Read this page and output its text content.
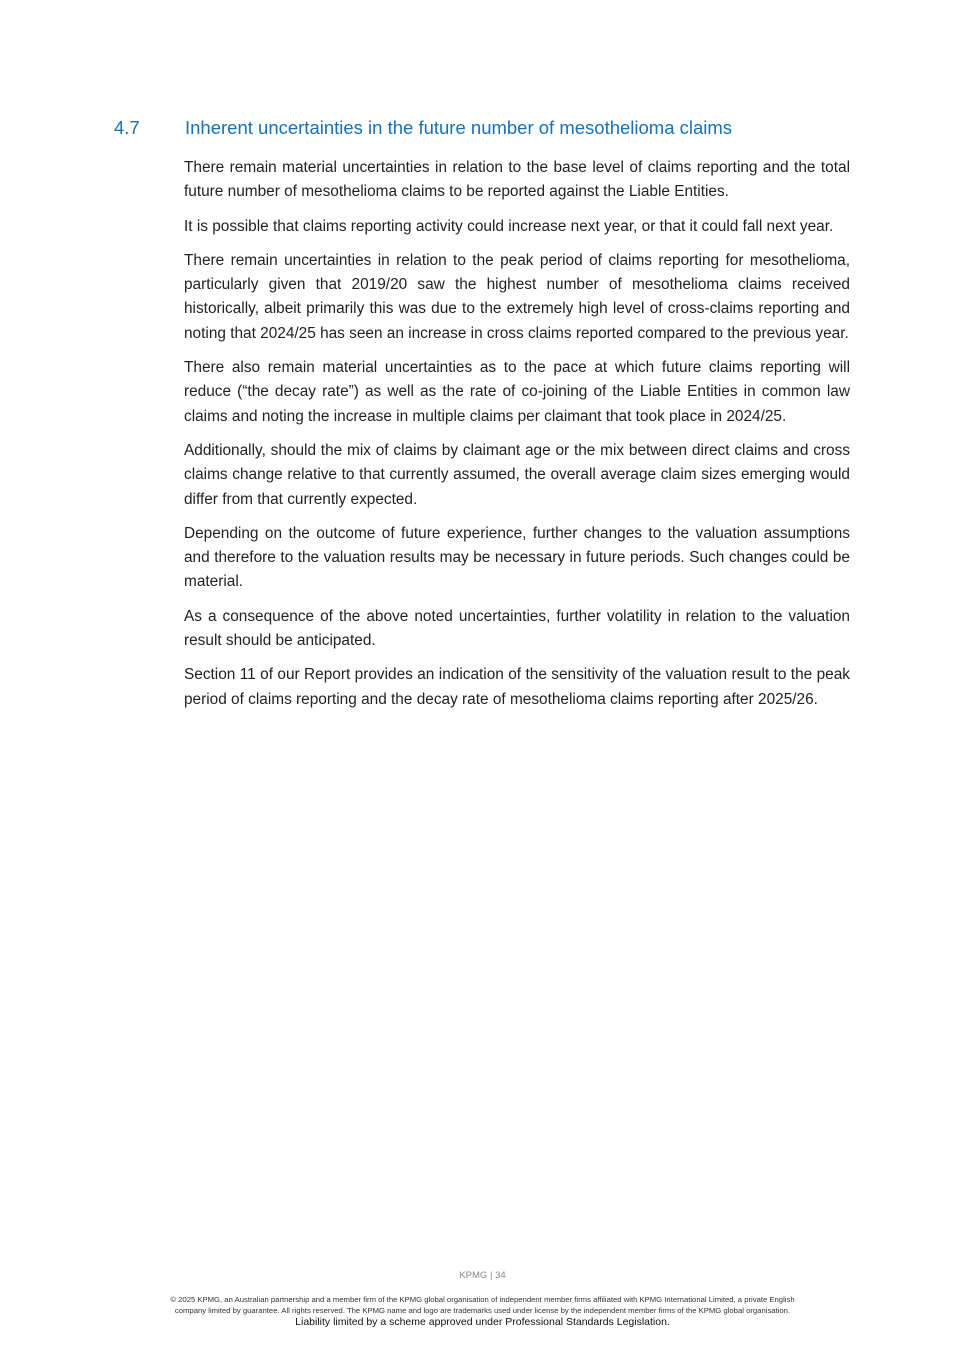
4.7 Inherent uncertainties in the future number of mesothelioma claims

There remain material uncertainties in relation to the base level of claims reporting and the total future number of mesothelioma claims to be reported against the Liable Entities.

It is possible that claims reporting activity could increase next year, or that it could fall next year.

There remain uncertainties in relation to the peak period of claims reporting for mesothelioma, particularly given that 2019/20 saw the highest number of mesothelioma claims received historically, albeit primarily this was due to the extremely high level of cross-claims reporting and noting that 2024/25 has seen an increase in cross claims reported compared to the previous year.

There also remain material uncertainties as to the pace at which future claims reporting will reduce (“the decay rate”) as well as the rate of co-joining of the Liable Entities in common law claims and noting the increase in multiple claims per claimant that took place in 2024/25.

Additionally, should the mix of claims by claimant age or the mix between direct claims and cross claims change relative to that currently assumed, the overall average claim sizes emerging would differ from that currently expected.

Depending on the outcome of future experience, further changes to the valuation assumptions and therefore to the valuation results may be necessary in future periods. Such changes could be material.

As a consequence of the above noted uncertainties, further volatility in relation to the valuation result should be anticipated.

Section 11 of our Report provides an indication of the sensitivity of the valuation result to the peak period of claims reporting and the decay rate of mesothelioma claims reporting after 2025/26.

KPMG | 34
© 2025 KPMG, an Australian partnership and a member firm of the KPMG global organisation of independent member firms affiliated with KPMG International Limited, a private English
company limited by guarantee. All rights reserved. The KPMG name and logo are trademarks used under license by the independent member firms of the KPMG global organisation.
Liability limited by a scheme approved under Professional Standards Legislation.
